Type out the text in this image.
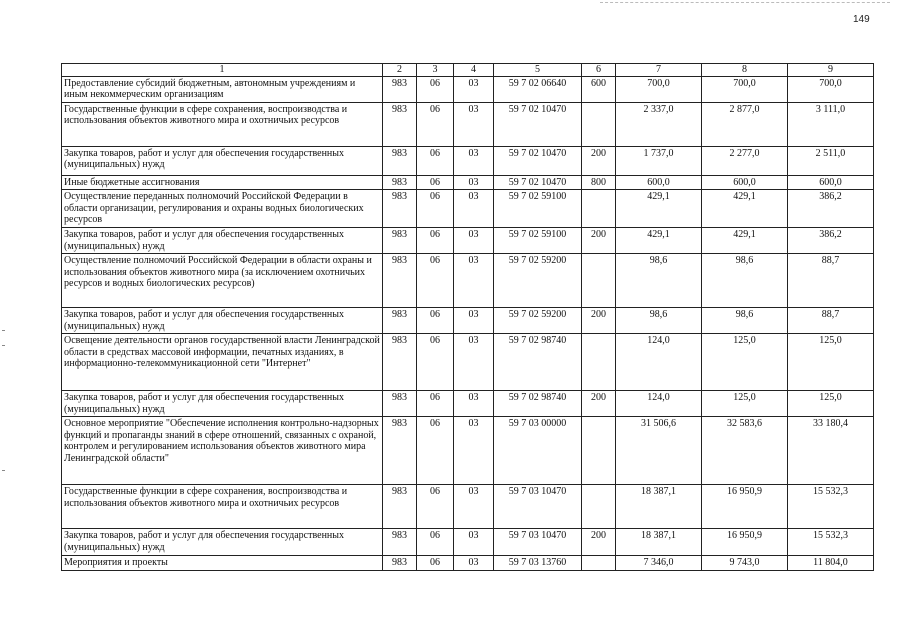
149
1	2	3	4	5	6	7	8	9
Предоставление субсидий бюджетным, автономным учреждениям и иным некоммерческим организациям	983	06	03	59 7 02 06640	600	700,0	700,0	700,0
Государственные функции в сфере сохранения, воспроизводства и использования объектов животного мира и охотничьих ресурсов	983	06	03	59 7 02 10470		2 337,0	2 877,0	3 111,0
Закупка товаров, работ и услуг для обеспечения государственных (муниципальных) нужд	983	06	03	59 7 02 10470	200	1 737,0	2 277,0	2 511,0
Иные бюджетные ассигнования	983	06	03	59 7 02 10470	800	600,0	600,0	600,0
Осуществление переданных полномочий Российской Федерации в области организации, регулирования и охраны водных биологических ресурсов	983	06	03	59 7 02 59100		429,1	429,1	386,2
Закупка товаров, работ и услуг для обеспечения государственных (муниципальных) нужд	983	06	03	59 7 02 59100	200	429,1	429,1	386,2
Осуществление полномочий Российской Федерации в области охраны и использования объектов животного мира (за исключением охотничьих ресурсов и водных биологических ресурсов)	983	06	03	59 7 02 59200		98,6	98,6	88,7
Закупка товаров, работ и услуг для обеспечения государственных (муниципальных) нужд	983	06	03	59 7 02 59200	200	98,6	98,6	88,7
Освещение деятельности органов государственной власти Ленинградской области в средствах массовой информации, печатных изданиях, в информационно-телекоммуникационной сети "Интернет"	983	06	03	59 7 02 98740		124,0	125,0	125,0
Закупка товаров, работ и услуг для обеспечения государственных (муниципальных) нужд	983	06	03	59 7 02 98740	200	124,0	125,0	125,0
Основное мероприятие "Обеспечение исполнения контрольно-надзорных функций и пропаганды знаний в сфере отношений, связанных с охраной, контролем и регулированием использования объектов животного мира Ленинградской области"	983	06	03	59 7 03 00000		31 506,6	32 583,6	33 180,4
Государственные функции в сфере сохранения, воспроизводства и использования объектов животного мира и охотничьих ресурсов	983	06	03	59 7 03 10470		18 387,1	16 950,9	15 532,3
Закупка товаров, работ и услуг для обеспечения государственных (муниципальных) нужд	983	06	03	59 7 03 10470	200	18 387,1	16 950,9	15 532,3
Мероприятия и проекты	983	06	03	59 7 03 13760		7 346,0	9 743,0	11 804,0
